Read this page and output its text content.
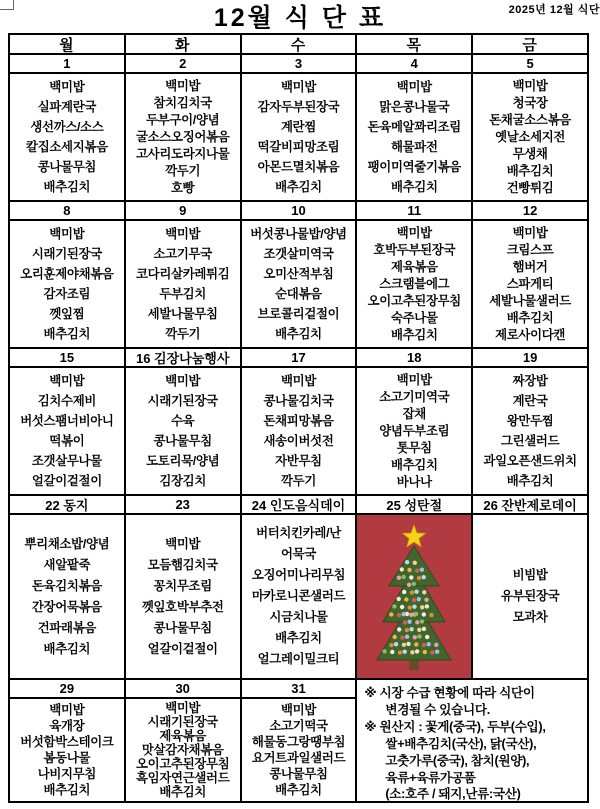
12월 식 단 표	2025년 12월 식단
월	화	수	목	금
1
백미밥
실파계란국
생선까스/소스
칼집소세지볶음
콩나물무침
배추김치
2
백미밥
참치김치국
두부구이/양념
굴소스오징어볶음
고사리도라지나물
깍두기
호빵
3
백미밥
감자두부된장국
계란찜
떡갈비피망조림
아몬드멸치볶음
배추김치
4
백미밥
맑은콩나물국
돈육메알꽈리조림
해물파전
팽이미역줄기볶음
배추김치
5
백미밥
청국장
돈채굴소스볶음
옛날소세지전
무생채
배추김치
건빵튀김
8
백미밥
시래기된장국
오리훈제야채볶음
감자조림
껫잎찜
배추김치
9
백미밥
소고기무국
코다리살카레튀김
두부김치
세발나물무침
깍두기
10
버섯콩나물밥/양념
조갯살미역국
오미산적부침
순대볶음
브로콜리겉절이
배추김치
11
백미밥
호박두부된장국
제육볶음
스크램블에그
오이고추된장무침
숙주나물
배추김치
12
백미밥
크림스프
햄버거
스파게티
세발나물샐러드
배추김치
제로사이다캔
15
백미밥
김치수제비
버섯스팸너비아니
떡볶이
조갯살무나물
얼갈이겉절이
16 김장나눔행사
백미밥
시래기된장국
수육
콩나물무침
도토리묵/양념
김장김치
17
백미밥
콩나물김치국
돈채피망볶음
새송이버섯전
자반무침
깍두기
18
백미밥
소고기미역국
잡채
양념두부조림
톳무침
배추김치
바나나
19
짜장밥
계란국
왕만두찜
그린샐러드
과일오픈샌드위치
배추김치
22 동지
뿌리채소밥/양념
새알팥죽
돈육김치볶음
간장어묵볶음
건파래볶음
배추김치
23
백미밥
모듬햄김치국
꽁치무조림
껫잎호박부추전
콩나물무침
얼갈이겉절이
24 인도음식데이
버터치킨카레/난
어묵국
오징어미나리무침
마카로니콘샐러드
시금치나물
배추김치
얼그레이밀크티
25 성탄절	26 잔반제로데이
비빔밥
유부된장국
모과차
29
백미밥
육개장
버섯함박스테이크
봄동나물
나비지무침
배추김치
30
백미밥
시래기된장국
제육볶음
맛살감자채볶음
오이고추된장무침
흑임자연근샐러드
배추김치
31
백미밥
소고기떡국
해물동그랑땡부침
요거트과일샐러드
콩나물무침
배추김치
※ 시장 수급 현황에 따라 식단이
변경될 수 있습니다.
※ 원산지 : 꽃게(중국), 두부(수입),
쌀+배추김치(국산), 닭(국산),
고춧가루(중국), 참치(원양),
육류+육류가공품
(소:호주 / 돼지,난류:국산)
